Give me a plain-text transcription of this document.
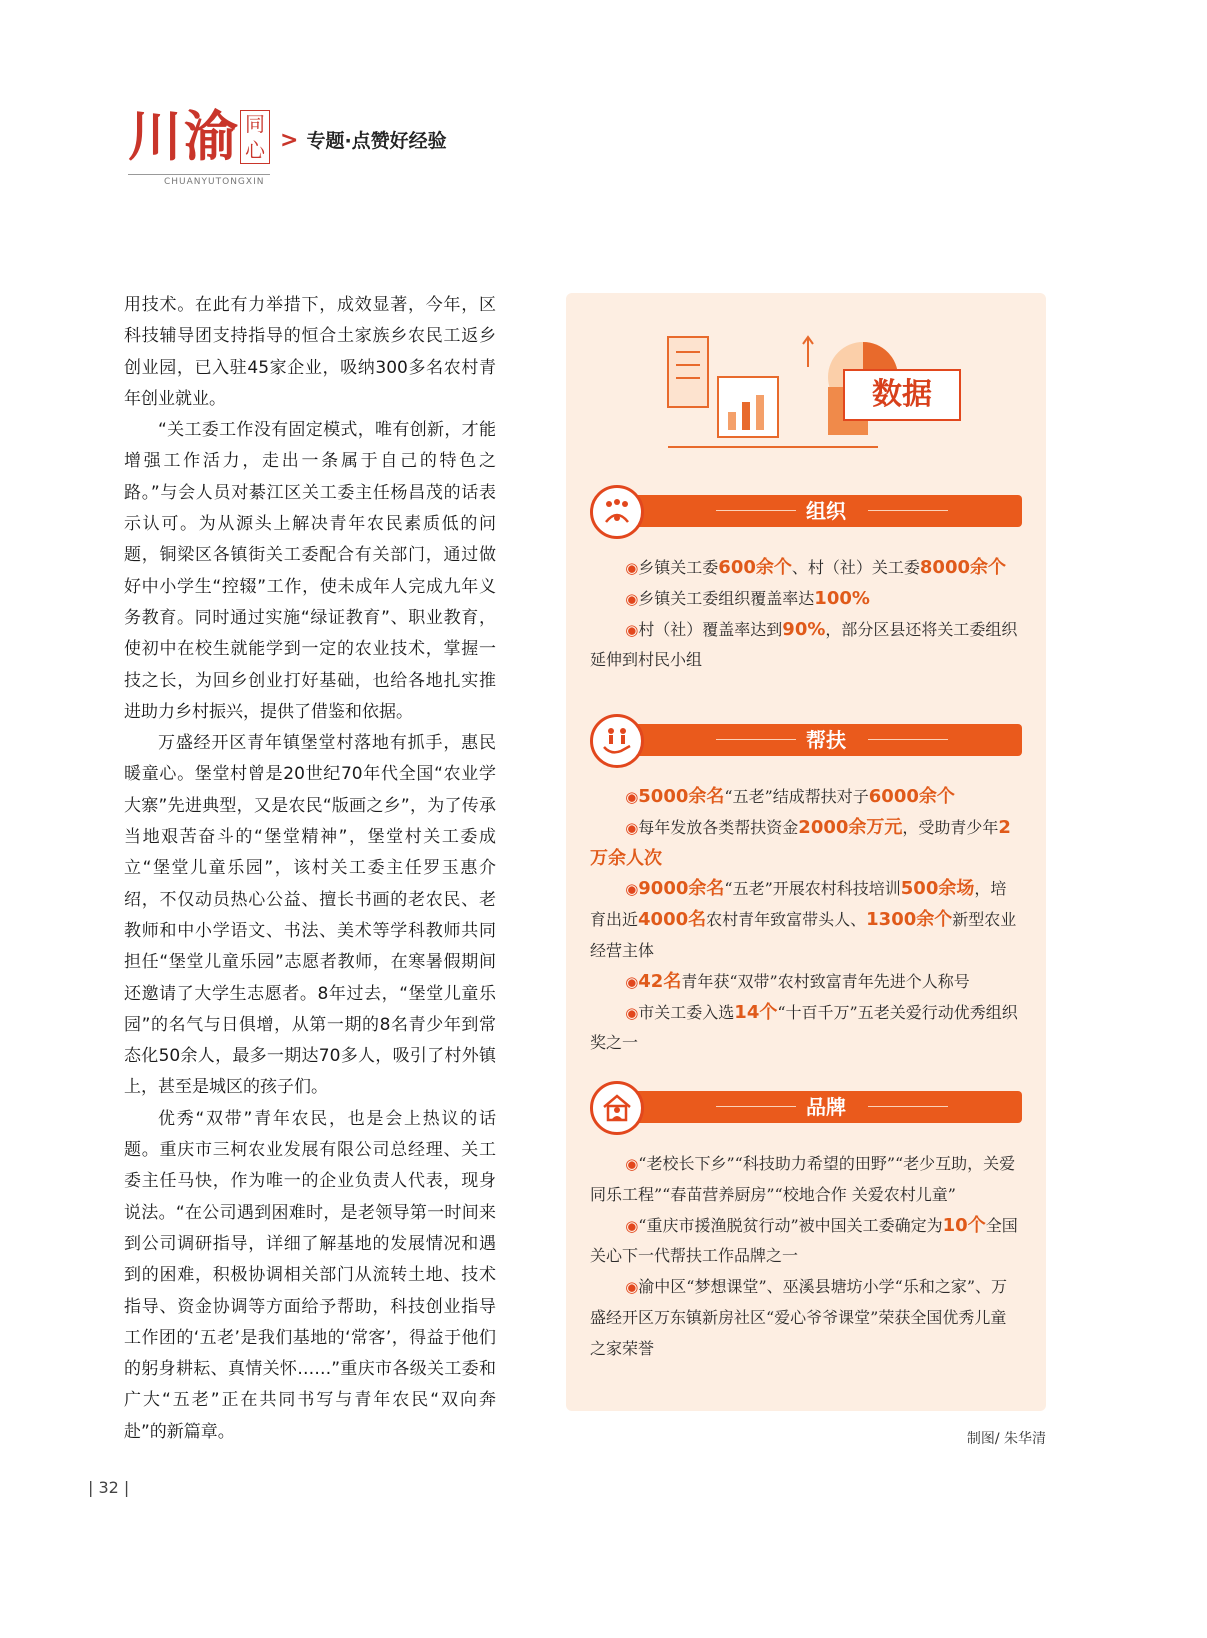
川渝 同心
CHUANYUTONGXIN
> 专题·点赞好经验

用技术。在此有力举措下，成效显著，今年，区科技辅导团支持指导的恒合土家族乡农民工返乡创业园，已入驻45家企业，吸纳300多名农村青年创业就业。

“关工委工作没有固定模式，唯有创新，才能增强工作活力，走出一条属于自己的特色之路。”与会人员对綦江区关工委主任杨昌茂的话表示认可。为从源头上解决青年农民素质低的问题，铜梁区各镇街关工委配合有关部门，通过做好中小学生“控辍”工作，使未成年人完成九年义务教育。同时通过实施“绿证教育”、职业教育，使初中在校生就能学到一定的农业技术，掌握一技之长，为回乡创业打好基础，也给各地扎实推进助力乡村振兴，提供了借鉴和依据。

万盛经开区青年镇堡堂村落地有抓手，惠民暖童心。堡堂村曾是20世纪70年代全国“农业学大寨”先进典型，又是农民“版画之乡”，为了传承当地艰苦奋斗的“堡堂精神”，堡堂村关工委成立“堡堂儿童乐园”，该村关工委主任罗玉惠介绍，不仅动员热心公益、擅长书画的老农民、老教师和中小学语文、书法、美术等学科教师共同担任“堡堂儿童乐园”志愿者教师，在寒暑假期间还邀请了大学生志愿者。8年过去，“堡堂儿童乐园”的名气与日俱增，从第一期的8名青少年到常态化50余人，最多一期达70多人，吸引了村外镇上，甚至是城区的孩子们。

优秀“双带”青年农民，也是会上热议的话题。重庆市三柯农业发展有限公司总经理、关工委主任马快，作为唯一的企业负责人代表，现身说法。“在公司遇到困难时，是老领导第一时间来到公司调研指导，详细了解基地的发展情况和遇到的困难，积极协调相关部门从流转土地、技术指导、资金协调等方面给予帮助，科技创业指导工作团的‘五老’是我们基地的‘常客’，得益于他们的躬身耕耘、真情关怀……”重庆市各级关工委和广大“五老”正在共同书写与青年农民“双向奔赴”的新篇章。

数据
组织

◉乡镇关工委600余个、村（社）关工委8000余个

◉乡镇关工委组织覆盖率达100%

◉村（社）覆盖率达到90%，部分区县还将关工委组织延伸到村民小组

帮扶

◉5000余名“五老”结成帮扶对子6000余个

◉每年发放各类帮扶资金2000余万元，受助青少年2万余人次

◉9000余名“五老”开展农村科技培训500余场，培育出近4000名农村青年致富带头人、1300余个新型农业经营主体

◉42名青年获“双带”农村致富青年先进个人称号

◉市关工委入选14个“十百千万”五老关爱行动优秀组织奖之一

品牌

◉“老校长下乡”“科技助力希望的田野”“老少互助，关爱同乐工程”“春苗营养厨房”“校地合作 关爱农村儿童”

◉“重庆市援渔脱贫行动”被中国关工委确定为10个全国关心下一代帮扶工作品牌之一

◉渝中区“梦想课堂”、巫溪县塘坊小学“乐和之家”、万盛经开区万东镇新房社区“爱心爷爷课堂”荣获全国优秀儿童之家荣誉

制图/ 朱华清
| 32 |
